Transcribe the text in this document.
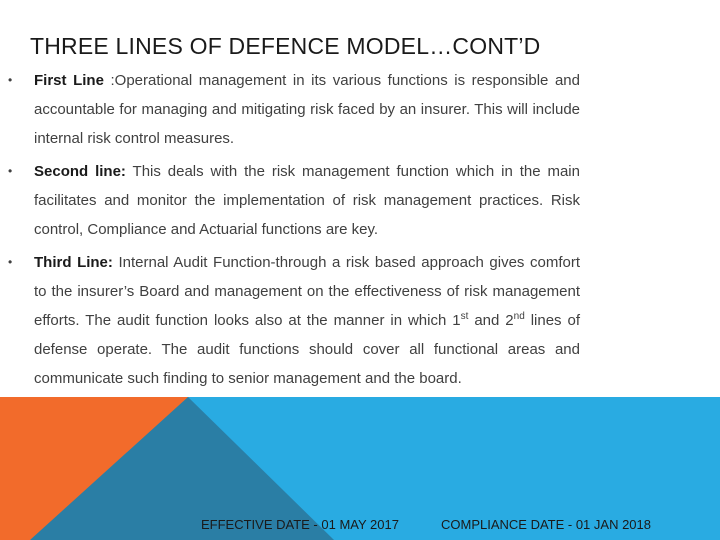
THREE LINES OF DEFENCE MODEL…CONT’D
• First Line :Operational management in its various functions is responsible and accountable for managing and mitigating risk faced by an insurer. This will include internal risk control measures.

• Second line: This deals with the risk management function which in the main facilitates and monitor the implementation of risk management practices. Risk control, Compliance and Actuarial functions are key.

• Third Line: Internal Audit Function-through a risk based approach gives comfort to the insurer’s Board and management on the effectiveness of risk management efforts. The audit function looks also at the manner in which 1st and 2nd lines of defense operate. The audit functions should cover all functional areas and communicate such finding to senior management and the board.

EFFECTIVE DATE - 01 MAY 2017	COMPLIANCE DATE - 01 JAN 2018
